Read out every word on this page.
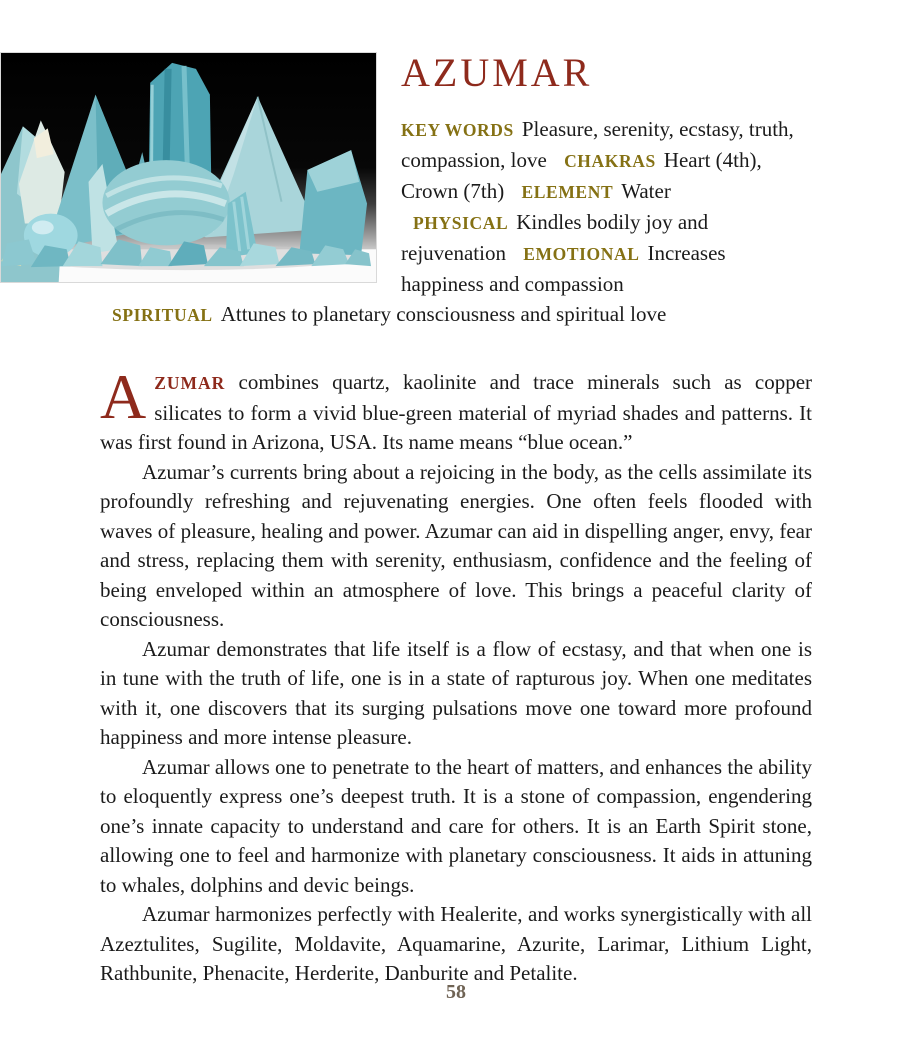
AZUMAR

KEY WORDS Pleasure, serenity, ecstasy, truth, compassion, love CHAKRAS Heart (4th), Crown (7th) ELEMENT Water PHYSICAL Kindles bodily joy and rejuvenation EMOTIONAL Increases happiness and compassion SPIRITUAL Attunes to planetary consciousness and spiritual love

AZUMAR combines quartz, kaolinite and trace minerals such as copper silicates to form a vivid blue-green material of myriad shades and patterns. It was first found in Arizona, USA. Its name means “blue ocean.”

Azumar’s currents bring about a rejoicing in the body, as the cells assimilate its profoundly refreshing and rejuvenating energies. One often feels flooded with waves of pleasure, healing and power. Azumar can aid in dispelling anger, envy, fear and stress, replacing them with serenity, enthusiasm, confidence and the feeling of being enveloped within an atmosphere of love. This brings a peaceful clarity of consciousness.

Azumar demonstrates that life itself is a flow of ecstasy, and that when one is in tune with the truth of life, one is in a state of rapturous joy. When one meditates with it, one discovers that its surging pulsations move one toward more profound happiness and more intense pleasure.

Azumar allows one to penetrate to the heart of matters, and enhances the ability to eloquently express one’s deepest truth. It is a stone of compassion, engendering one’s innate capacity to understand and care for others. It is an Earth Spirit stone, allowing one to feel and harmonize with planetary consciousness. It aids in attuning to whales, dolphins and devic beings.

Azumar harmonizes perfectly with Healerite, and works synergistically with all Azeztulites, Sugilite, Moldavite, Aquamarine, Azurite, Larimar, Lithium Light, Rathbunite, Phenacite, Herderite, Danburite and Petalite.

58
